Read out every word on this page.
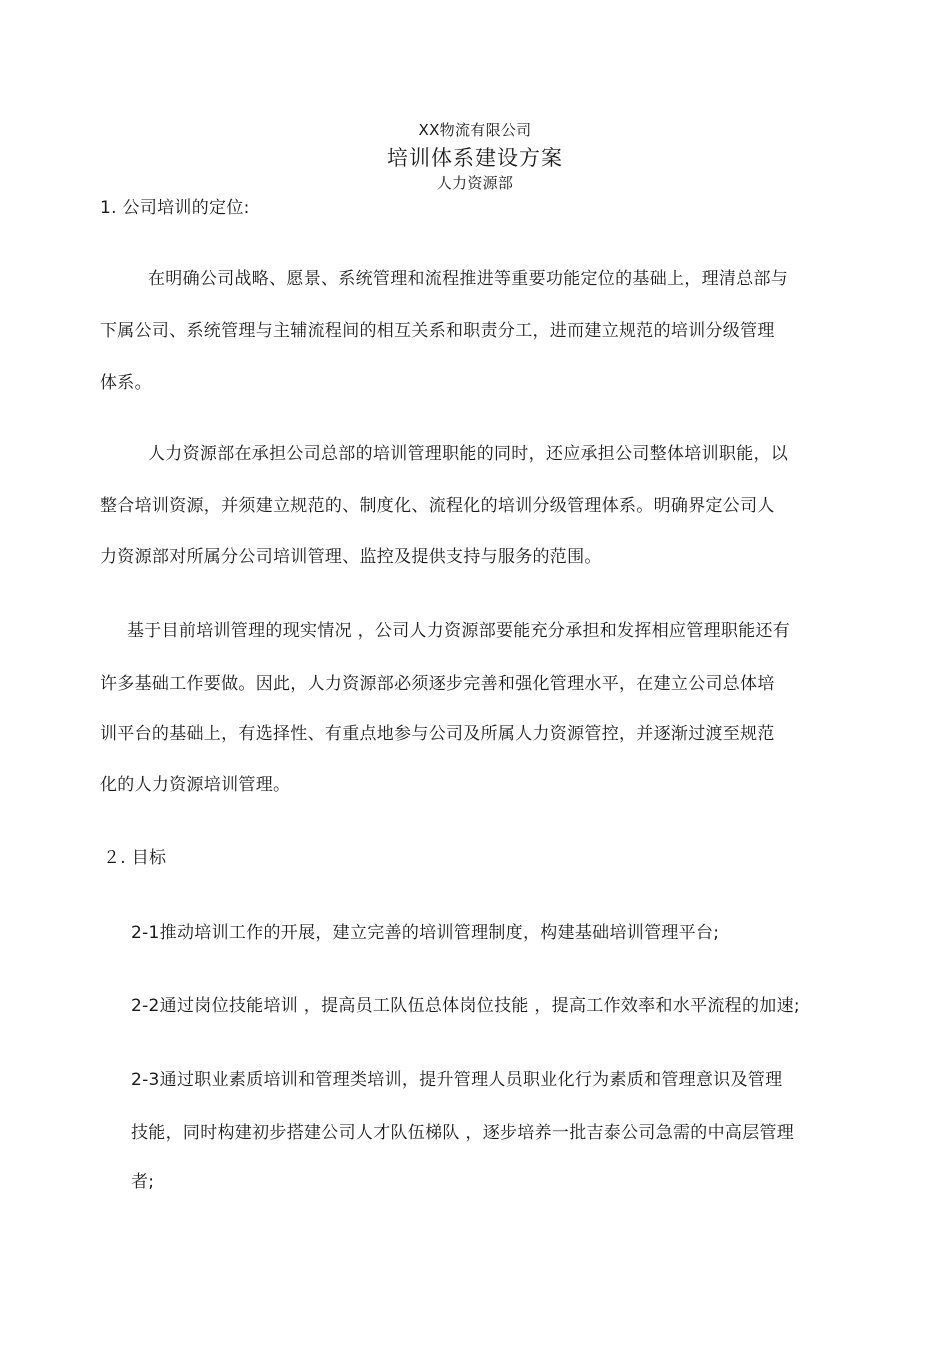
XX物流有限公司
培训体系建设方案
人力资源部
1. 公司培训的定位:
在明确公司战略、愿景、系统管理和流程推进等重要功能定位的基础上，理清总部与
下属公司、系统管理与主辅流程间的相互关系和职责分工，进而建立规范的培训分级管理
体系。
人力资源部在承担公司总部的培训管理职能的同时，还应承担公司整体培训职能，以
整合培训资源，并须建立规范的、制度化、流程化的培训分级管理体系。明确界定公司人
力资源部对所属分公司培训管理、监控及提供支持与服务的范围。
基于目前培训管理的现实情况 ，公司人力资源部要能充分承担和发挥相应管理职能还有
许多基础工作要做。因此，人力资源部必须逐步完善和强化管理水平，在建立公司总体培
训平台的基础上，有选择性、有重点地参与公司及所属人力资源管控，并逐渐过渡至规范
化的人力资源培训管理。
２. 目标
2-1推动培训工作的开展，建立完善的培训管理制度，构建基础培训管理平台;
2-2通过岗位技能培训 ，提高员工队伍总体岗位技能 ，提高工作效率和水平流程的加速;
2-3通过职业素质培训和管理类培训，提升管理人员职业化行为素质和管理意识及管理
技能，同时构建初步搭建公司人才队伍梯队 ，逐步培养一批吉泰公司急需的中高层管理
者;
